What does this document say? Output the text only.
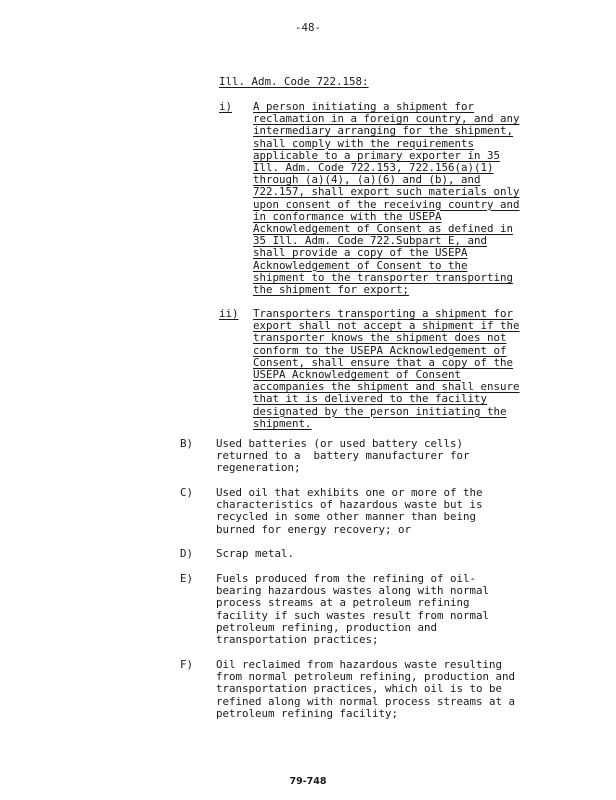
-48-
Ill. Adm. Code 722.158:
i) A person initiating a shipment for
reclamation in a foreign country, and any
intermediary arranging for the shipment,
shall comply with the requirements
applicable to a primary exporter in 35
Ill. Adm. Code 722.153, 722.156(a)(1)
through (a)(4), (a)(6) and (b), and
722.157, shall export such materials only
upon consent of the receiving country and
in conformance with the USEPA
Acknowledgement of Consent as defined in
35 Ill. Adm. Code 722.Subpart E, and
shall provide a copy of the USEPA
Acknowledgement of Consent to the
shipment to the transporter transporting
the shipment for export;
ii) Transporters transporting a shipment for
export shall not accept a shipment if the
transporter knows the shipment does not
conform to the USEPA Acknowledgement of
Consent, shall ensure that a copy of the
USEPA Acknowledgement of Consent
accompanies the shipment and shall ensure
that it is delivered to the facility
designated by the person initiating the
shipment.
B) Used batteries (or used battery cells)
returned to a  battery manufacturer for
regeneration;
C) Used oil that exhibits one or more of the
characteristics of hazardous waste but is
recycled in some other manner than being
burned for energy recovery; or
D) Scrap metal.
E) Fuels produced from the refining of oil-
bearing hazardous wastes along with normal
process streams at a petroleum refining
facility if such wastes result from normal
petroleum refining, production and
transportation practices;
F) Oil reclaimed from hazardous waste resulting
from normal petroleum refining, production and
transportation practices, which oil is to be
refined along with normal process streams at a
petroleum refining facility;
79-748
